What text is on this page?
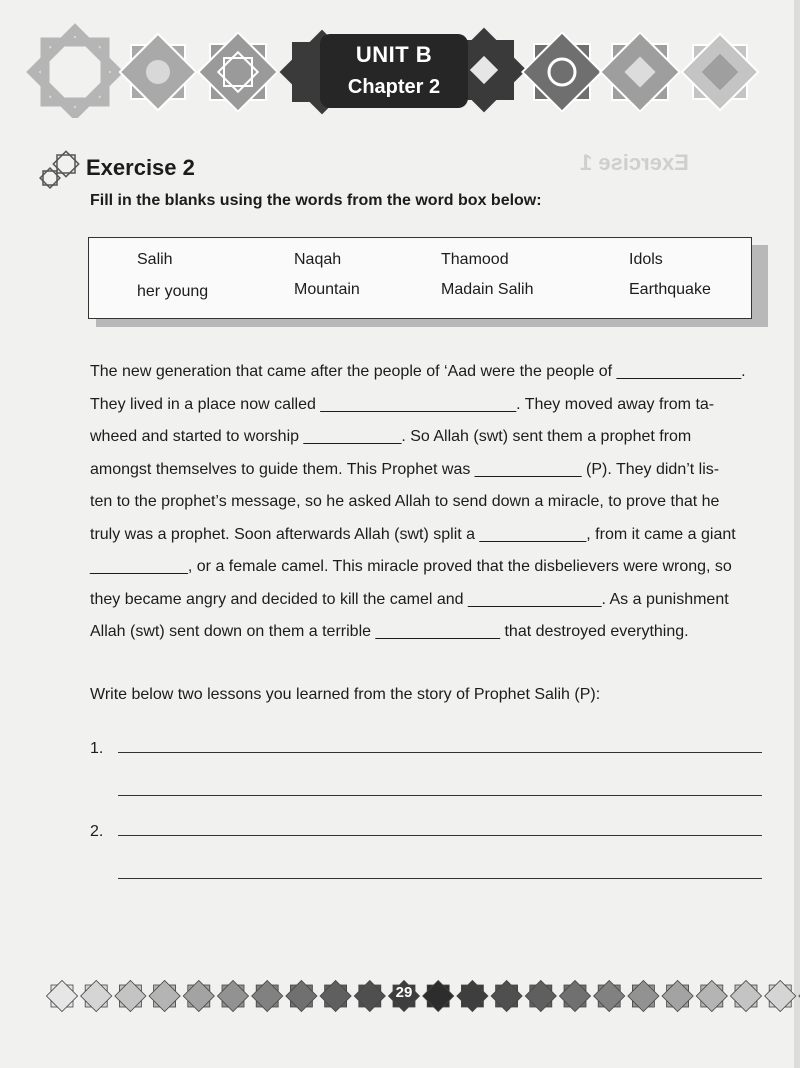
Exercise 1
UNIT B
Chapter 2
Exercise 2
Fill in the blanks using the words from the word box below:
Salih	Naqah	Thamood	Idols
her young	Mountain	Madain Salih	Earthquake

The new generation that came after the people of ‘Aad were the people of ______________.

They lived in a place now called ______________________. They moved away from ta-

wheed and started to worship ___________. So Allah (swt) sent them a prophet from

amongst themselves to guide them. This Prophet was ____________ (P). They didn’t lis-

ten to the prophet’s message, so he asked Allah to send down a miracle, to prove that he

truly was a prophet. Soon afterwards Allah (swt) split a ____________, from it came a giant

___________, or a female camel. This miracle proved that the disbelievers were wrong, so

they became angry and decided to kill the camel and _______________. As a punishment

Allah (swt) sent down on them a terrible ______________ that destroyed everything.

Write below two lessons you learned from the story of Prophet Salih (P):
1.
2.
29
